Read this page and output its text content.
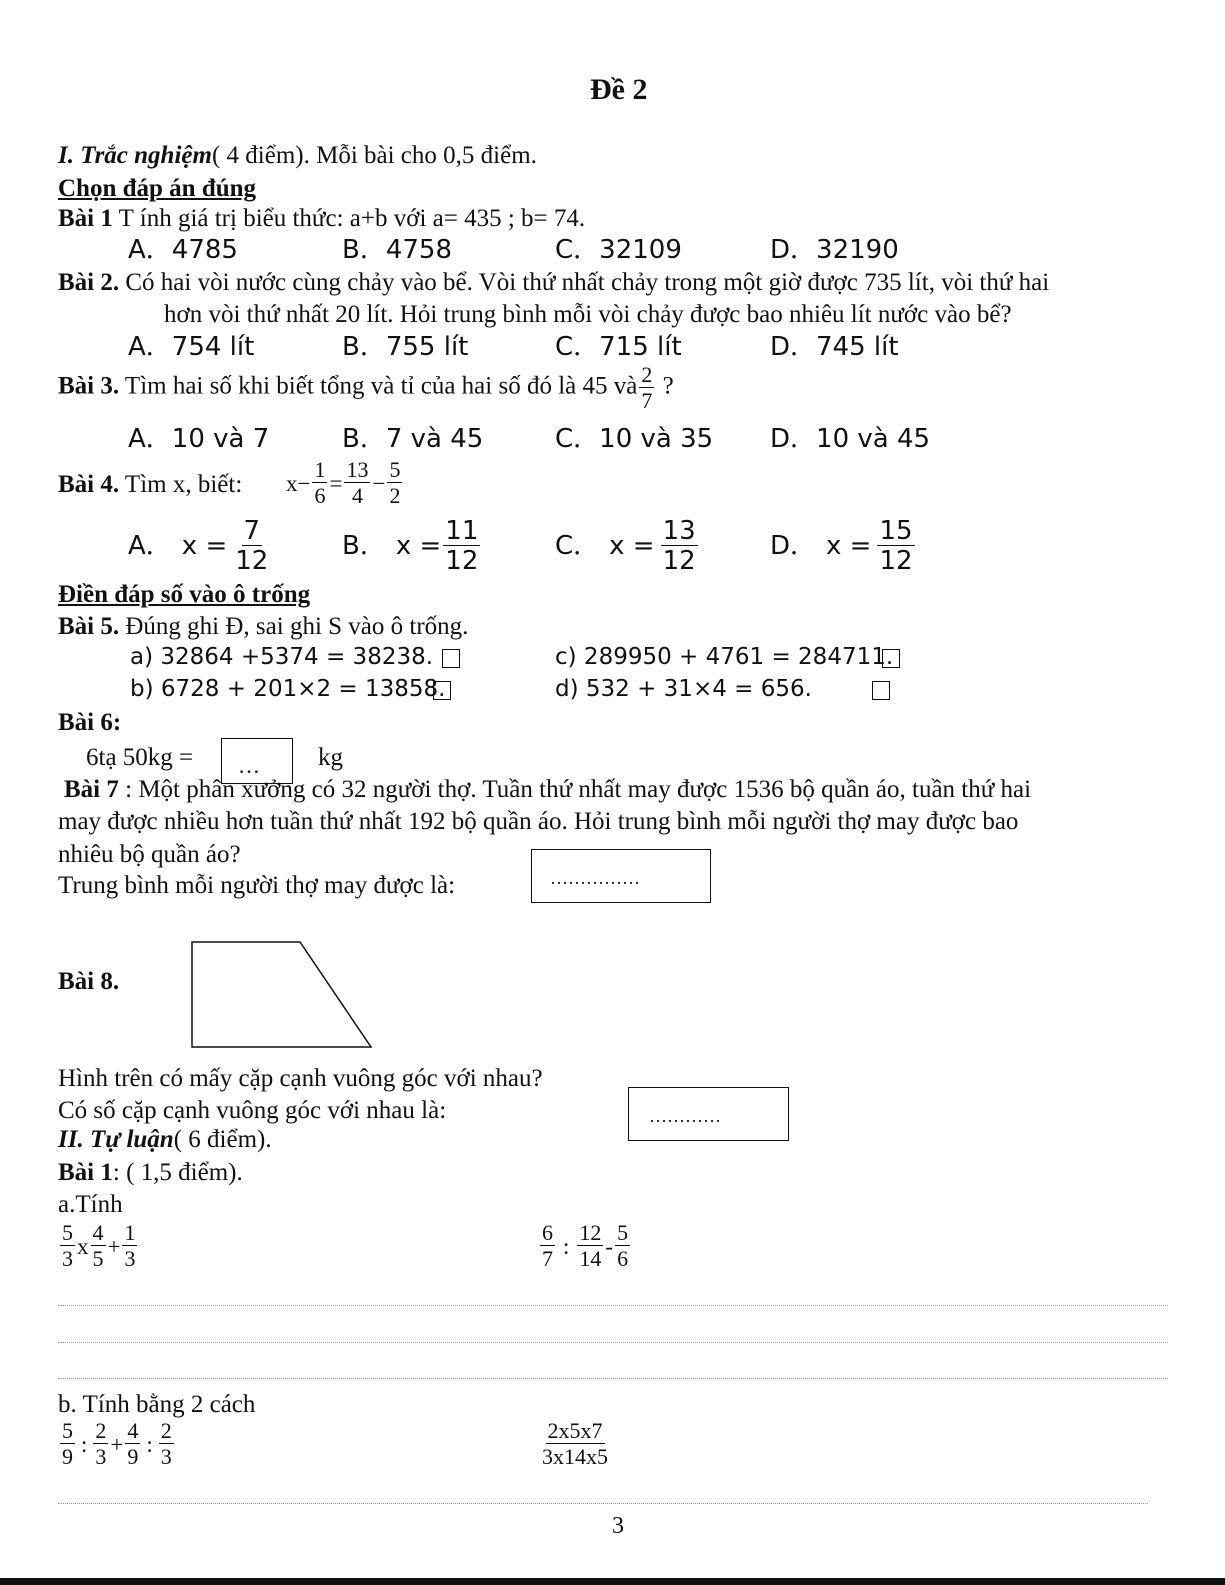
Đề 2
I. Trắc nghiệm( 4 điểm). Mỗi bài cho 0,5 điểm.
Chọn đáp án đúng
Bài 1 T ính giá trị biểu thức: a+b với a= 435 ; b= 74.
A．4785	B．4758	C．32109	D．32190
Bài 2. Có hai vòi nước cùng chảy vào bể. Vòi thứ nhất chảy trong một giờ được 735 lít, vòi thứ hai
hơn vòi thứ nhất 20 lít. Hỏi trung bình mỗi vòi chảy được bao nhiêu lít nước vào bể?
A．754 lít	B．755 lít	C．715 lít	D．745 lít
Bài 3. Tìm hai số khi biết tổng và tỉ của hai số đó là 45 và $\frac{2}{7}$ ?
A．10 và 7	B．7 và 45	C．10 và 35 D．10 và 45
Bài 4. Tìm x, biết: $x - \frac{1}{6} = \frac{13}{4} - \frac{5}{2}$
A． $x = \frac{7}{12}$	B． $x = \frac{11}{12}$	C． $x = \frac{13}{12}$	D． $x = \frac{15}{12}$
Điền đáp số vào ô trống
Bài 5. Đúng ghi Đ, sai ghi S vào ô trống.
a) 32864 +5374 = 38238.	c) 289950 + 4761 = 284711.
b) 6728 + 201×2 = 13858.	d) 532 + 31×4 = 656.
Bài 6:
6tạ 50kg = … kg
Bài 7 : Một phân xưởng có 32 người thợ. Tuần thứ nhất may được 1536 bộ quần áo, tuần thứ hai
may được nhiều hơn tuần thứ nhất 192 bộ quần áo. Hỏi trung bình mỗi người thợ may được bao
nhiêu bộ quần áo?
Trung bình mỗi người thợ may được là:	……………
Bài 8.
Hình trên có mấy cặp cạnh vuông góc với nhau?
Có số cặp cạnh vuông góc với nhau là:	…………
II. Tự luận( 6 điểm).
Bài 1: ( 1,5 điểm).
a.Tính
$\frac{5}{3}$ x $\frac{4}{5} + \frac{1}{3}$	$\frac{6}{7}$ : $\frac{12}{14} - \frac{5}{6}$
b. Tính bằng 2 cách
$\frac{5}{9}$ : $\frac{2}{3} + \frac{4}{9}$ : $\frac{2}{3}$	$\frac{2x5x7}{3x14x5}$
3
